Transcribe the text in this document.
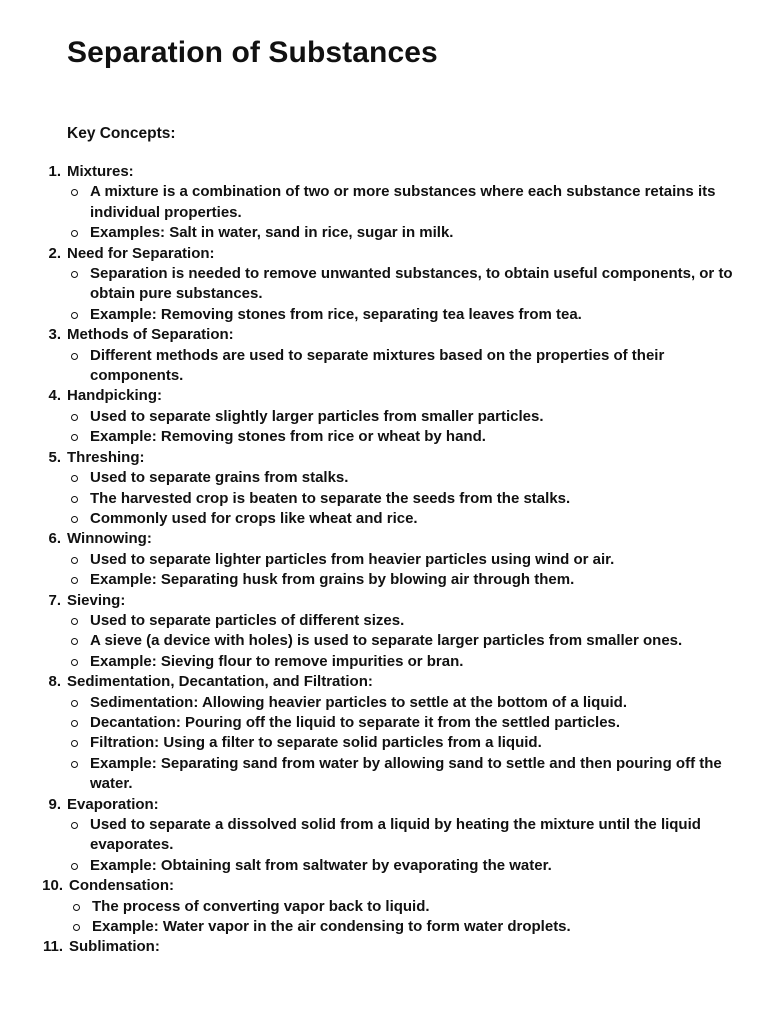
Separation of Substances
Key Concepts:
1. Mixtures:
A mixture is a combination of two or more substances where each substance retains its individual properties.
Examples: Salt in water, sand in rice, sugar in milk.
2. Need for Separation:
Separation is needed to remove unwanted substances, to obtain useful components, or to obtain pure substances.
Example: Removing stones from rice, separating tea leaves from tea.
3. Methods of Separation:
Different methods are used to separate mixtures based on the properties of their components.
4. Handpicking:
Used to separate slightly larger particles from smaller particles.
Example: Removing stones from rice or wheat by hand.
5. Threshing:
Used to separate grains from stalks.
The harvested crop is beaten to separate the seeds from the stalks.
Commonly used for crops like wheat and rice.
6. Winnowing:
Used to separate lighter particles from heavier particles using wind or air.
Example: Separating husk from grains by blowing air through them.
7. Sieving:
Used to separate particles of different sizes.
A sieve (a device with holes) is used to separate larger particles from smaller ones.
Example: Sieving flour to remove impurities or bran.
8. Sedimentation, Decantation, and Filtration:
Sedimentation: Allowing heavier particles to settle at the bottom of a liquid.
Decantation: Pouring off the liquid to separate it from the settled particles.
Filtration: Using a filter to separate solid particles from a liquid.
Example: Separating sand from water by allowing sand to settle and then pouring off the water.
9. Evaporation:
Used to separate a dissolved solid from a liquid by heating the mixture until the liquid evaporates.
Example: Obtaining salt from saltwater by evaporating the water.
10. Condensation:
The process of converting vapor back to liquid.
Example: Water vapor in the air condensing to form water droplets.
11. Sublimation:
